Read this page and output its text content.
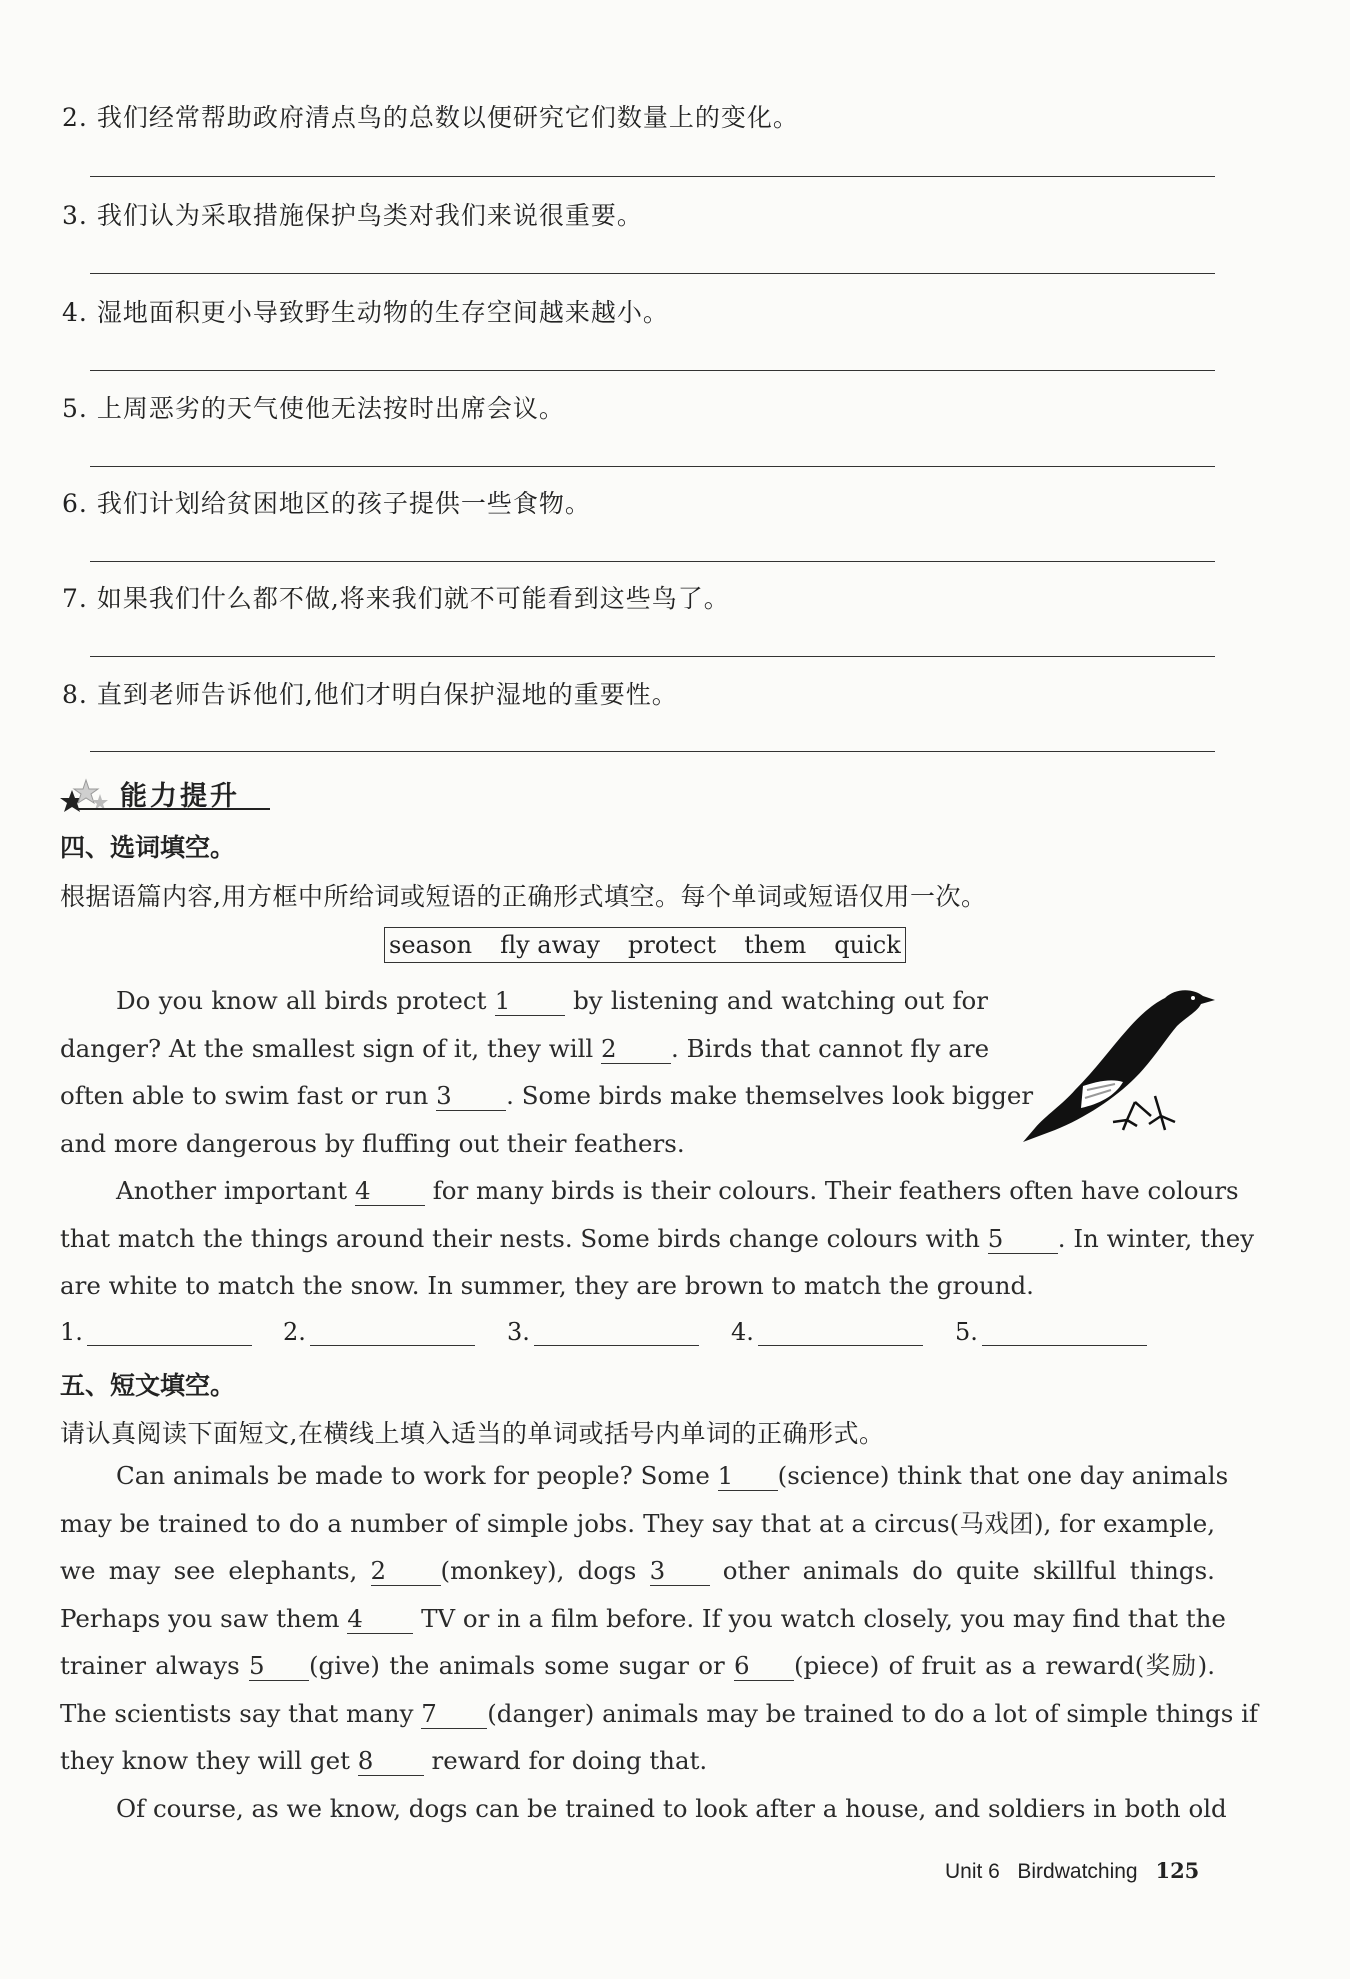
2. 我们经常帮助政府清点鸟的总数以便研究它们数量上的变化。
3. 我们认为采取措施保护鸟类对我们来说很重要。
4. 湿地面积更小导致野生动物的生存空间越来越小。
5. 上周恶劣的天气使他无法按时出席会议。
6. 我们计划给贫困地区的孩子提供一些食物。
7. 如果我们什么都不做,将来我们就不可能看到这些鸟了。
8. 直到老师告诉他们,他们才明白保护湿地的重要性。
能力提升
四、选词填空。
根据语篇内容,用方框中所给词或短语的正确形式填空。每个单词或短语仅用一次。
season fly away protect them quick
Do you know all birds protect 1	by listening and watching out for
danger? At the smallest sign of it, they will 2 . Birds that cannot fly are
often able to swim fast or run 3 . Some birds make themselves look bigger
and more dangerous by fluffing out their feathers.
Another important 4	for many birds is their colours. Their feathers often have colours
that match the things around their nests. Some birds change colours with 5 . In winter, they
are white to match the snow. In summer, they are brown to match the ground.
1.	2.	3.	4.	5.
五、短文填空。
请认真阅读下面短文,在横线上填入适当的单词或括号内单词的正确形式。
Can animals be made to work for people? Some 1 (science) think that one day animals
may be trained to do a number of simple jobs. They say that at a circus(马戏团), for example,
we may see elephants, 2 (monkey), dogs 3 other animals do quite skillful things.
Perhaps you saw them 4 TV or in a film before. If you watch closely, you may find that the
trainer always 5 (give) the animals some sugar or 6 (piece) of fruit as a reward(奖励).
The scientists say that many 7 (danger) animals may be trained to do a lot of simple things if
they know they will get 8 reward for doing that.
Of course, as we know, dogs can be trained to look after a house, and soldiers in both old
Unit 6 Birdwatching 125
